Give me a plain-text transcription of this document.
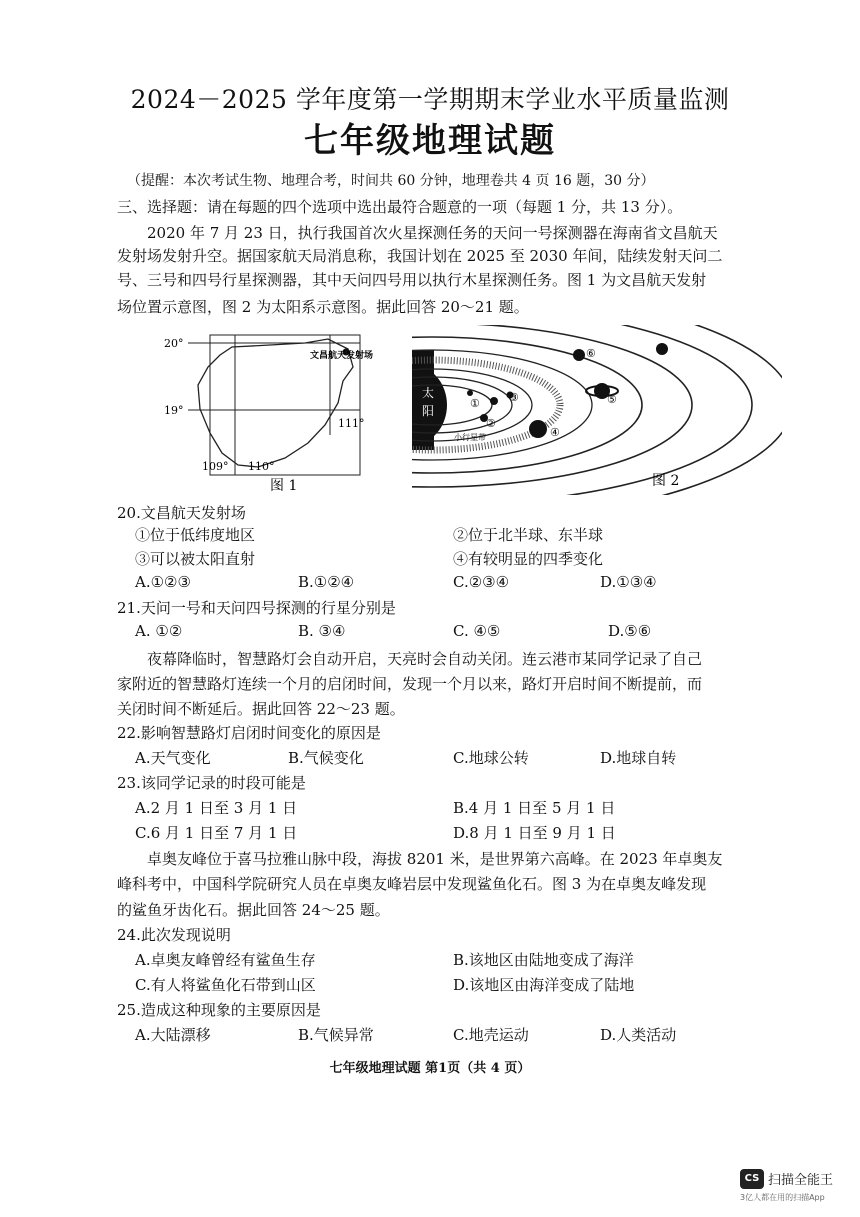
2024－2025 学年度第一学期期末学业水平质量监测
七年级地理试题
（提醒：本次考试生物、地理合考，时间共 60 分钟，地理卷共 4 页 16 题，30 分）
三、选择题：请在每题的四个选项中选出最符合题意的一项（每题 1 分，共 13 分）。
2020 年 7 月 23 日，执行我国首次火星探测任务的天问一号探测器在海南省文昌航天
发射场发射升空。据国家航天局消息称，我国计划在 2025 至 2030 年间，陆续发射天问二
号、三号和四号行星探测器，其中天问四号用以执行木星探测任务。图 1 为文昌航天发射
场位置示意图，图 2 为太阳系示意图。据此回答 20～21 题。
20°
19°
111°
109° 110°
文昌航天发射场
图 1
太
阳
①
②
③
④
⑤
⑥
小行星带
图 2
20.文昌航天发射场
①位于低纬度地区	②位于北半球、东半球
③可以被太阳直射	④有较明显的四季变化
A.①②③	B.①②④	C.②③④	D.①③④
21.天问一号和天问四号探测的行星分别是
A. ①②	B. ③④	C. ④⑤	D.⑤⑥
夜幕降临时，智慧路灯会自动开启，天亮时会自动关闭。连云港市某同学记录了自己
家附近的智慧路灯连续一个月的启闭时间，发现一个月以来，路灯开启时间不断提前，而
关闭时间不断延后。据此回答 22～23 题。
22.影响智慧路灯启闭时间变化的原因是
A.天气变化	B.气候变化	C.地球公转	D.地球自转
23.该同学记录的时段可能是
A.2 月 1 日至 3 月 1 日	B.4 月 1 日至 5 月 1 日
C.6 月 1 日至 7 月 1 日	D.8 月 1 日至 9 月 1 日
卓奥友峰位于喜马拉雅山脉中段，海拔 8201 米，是世界第六高峰。在 2023 年卓奥友
峰科考中，中国科学院研究人员在卓奥友峰岩层中发现鲨鱼化石。图 3 为在卓奥友峰发现
的鲨鱼牙齿化石。据此回答 24～25 题。
24.此次发现说明
A.卓奥友峰曾经有鲨鱼生存	B.该地区由陆地变成了海洋
C.有人将鲨鱼化石带到山区	D.该地区由海洋变成了陆地
25.造成这种现象的主要原因是
A.大陆漂移	B.气候异常	C.地壳运动	D.人类活动
七年级地理试题 第1页（共 4 页）
CS 扫描全能王
3亿人都在用的扫描App
